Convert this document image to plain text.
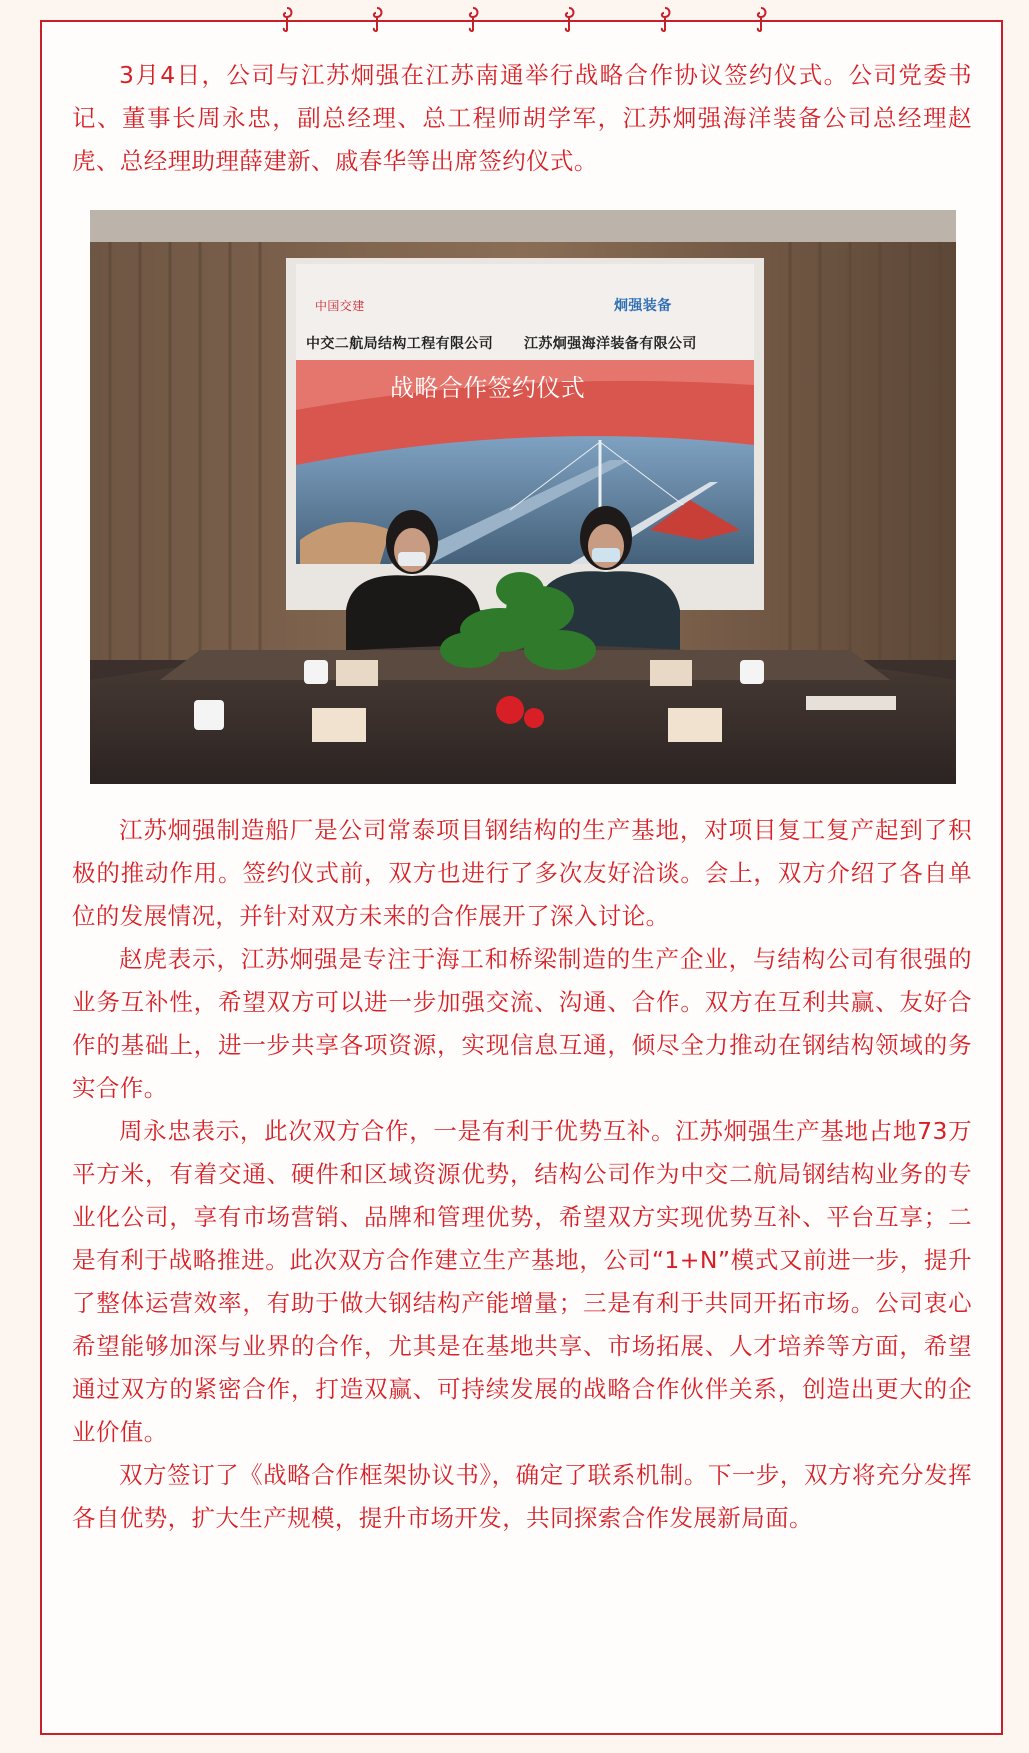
3月4日，公司与江苏炯强在江苏南通举行战略合作协议签约仪式。公司党委书记、董事长周永忠，副总经理、总工程师胡学军，江苏炯强海洋装备公司总经理赵虎、总经理助理薛建新、戚春华等出席签约仪式。

中国交建	炯强装备
中交二航局结构工程有限公司 江苏炯强海洋装备有限公司
战略合作签约仪式

江苏炯强制造船厂是公司常泰项目钢结构的生产基地，对项目复工复产起到了积极的推动作用。签约仪式前，双方也进行了多次友好洽谈。会上，双方介绍了各自单位的发展情况，并针对双方未来的合作展开了深入讨论。

赵虎表示，江苏炯强是专注于海工和桥梁制造的生产企业，与结构公司有很强的业务互补性，希望双方可以进一步加强交流、沟通、合作。双方在互利共赢、友好合作的基础上，进一步共享各项资源，实现信息互通，倾尽全力推动在钢结构领域的务实合作。

周永忠表示，此次双方合作，一是有利于优势互补。江苏炯强生产基地占地73万平方米，有着交通、硬件和区域资源优势，结构公司作为中交二航局钢结构业务的专业化公司，享有市场营销、品牌和管理优势，希望双方实现优势互补、平台互享；二是有利于战略推进。此次双方合作建立生产基地，公司“1+N”模式又前进一步，提升了整体运营效率，有助于做大钢结构产能增量；三是有利于共同开拓市场。公司衷心希望能够加深与业界的合作，尤其是在基地共享、市场拓展、人才培养等方面，希望通过双方的紧密合作，打造双赢、可持续发展的战略合作伙伴关系，创造出更大的企业价值。

双方签订了《战略合作框架协议书》，确定了联系机制。下一步，双方将充分发挥各自优势，扩大生产规模，提升市场开发，共同探索合作发展新局面。
